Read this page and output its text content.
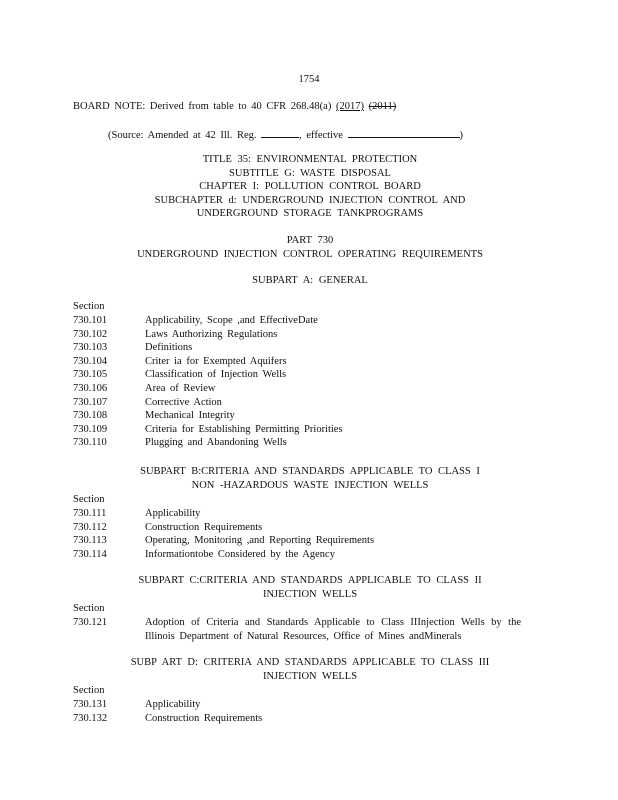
1754
BOARD NOTE: Derived from table to 40 CFR 268.48(a) (2017) (2011)
(Source: Amended at 42 Ill. Reg.	, effective	)
TITLE 35: ENVIRONMENTAL PROTECTION
SUBTITLE G: WASTE DISPOSAL
CHAPTER I: POLLUTION CONTROL BOARD
SUBCHAPTER d: UNDERGROUND INJECTION CONTROL AND
UNDERGROUND STORAGE TANKPROGRAMS
PART 730
UNDERGROUND INJECTION CONTROL OPERATING REQUIREMENTS
SUBPART A: GENERAL
Section
730.101	Applicability, Scope ,and EffectiveDate
730.102	Laws Authorizing Regulations
730.103	Definitions
730.104	Criter ia for Exempted Aquifers
730.105	Classification of Injection Wells
730.106	Area of Review
730.107	Corrective Action
730.108	Mechanical Integrity
730.109	Criteria for Establishing Permitting Priorities
730.110	Plugging and Abandoning Wells
SUBPART B:CRITERIA AND STANDARDS APPLICABLE TO CLASS I
NON -HAZARDOUS WASTE INJECTION WELLS
Section
730.111	Applicability
730.112	Construction Requirements
730.113	Operating, Monitoring ,and Reporting Requirements
730.114	Informationtobe Considered by the Agency
SUBPART C:CRITERIA AND STANDARDS APPLICABLE TO CLASS II
INJECTION WELLS
Section
730.121	Adoption of Criteria and Standards Applicable to Class IIInjection Wells by the Illinois Department of Natural Resources, Office of Mines andMinerals
SUBP ART D: CRITERIA AND STANDARDS APPLICABLE TO CLASS III
INJECTION WELLS
Section
730.131	Applicability
730.132	Construction Requirements
